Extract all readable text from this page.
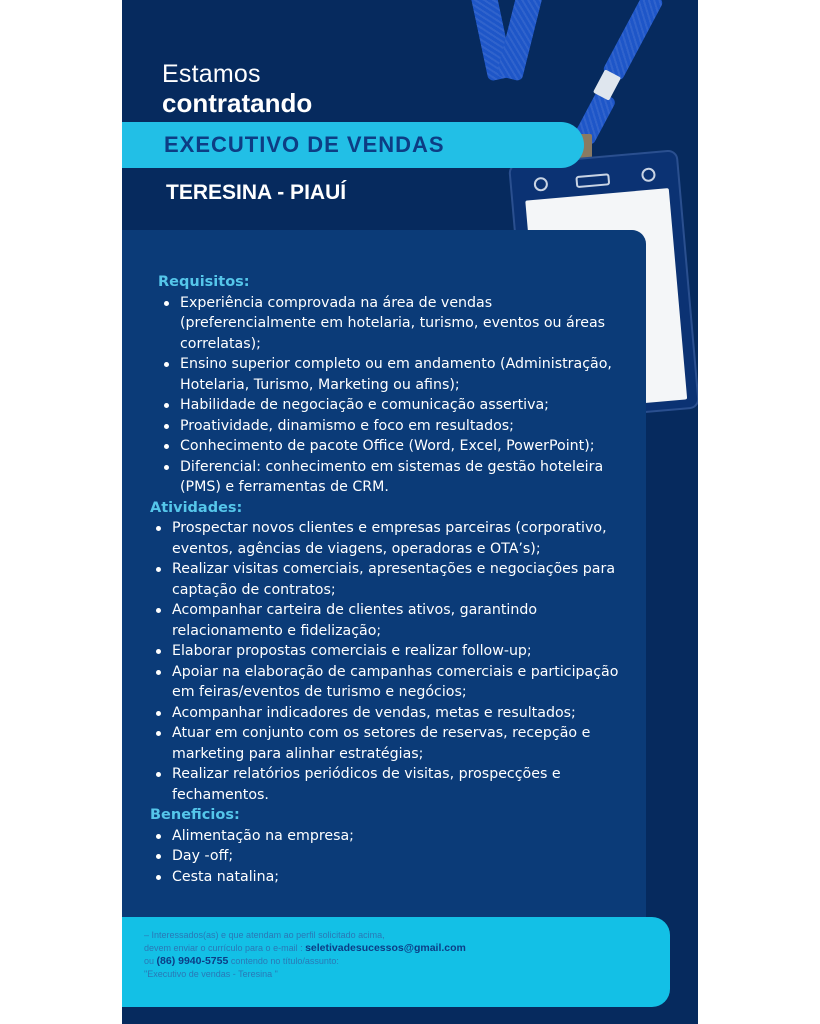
Estamos
contratando
EXECUTIVO DE VENDAS
TERESINA - PIAUÍ
Requisitos:
Experiência comprovada na área de vendas (preferencialmente em hotelaria, turismo, eventos ou áreas correlatas);
Ensino superior completo ou em andamento (Administração, Hotelaria, Turismo, Marketing ou afins);
Habilidade de negociação e comunicação assertiva;
Proatividade, dinamismo e foco em resultados;
Conhecimento de pacote Office (Word, Excel, PowerPoint);
Diferencial: conhecimento em sistemas de gestão hoteleira (PMS) e ferramentas de CRM.
Atividades:
Prospectar novos clientes e empresas parceiras (corporativo, eventos, agências de viagens, operadoras e OTA’s);
Realizar visitas comerciais, apresentações e negociações para captação de contratos;
Acompanhar carteira de clientes ativos, garantindo relacionamento e fidelização;
Elaborar propostas comerciais e realizar follow-up;
Apoiar na elaboração de campanhas comerciais e participação em feiras/eventos de turismo e negócios;
Acompanhar indicadores de vendas, metas e resultados;
Atuar em conjunto com os setores de reservas, recepção e marketing para alinhar estratégias;
Realizar relatórios periódicos de visitas, prospecções e fechamentos.
Beneficios:
Alimentação na empresa;
Day -off;
Cesta natalina;
– Interessados(as) e que atendam ao perfil solicitado acima,
devem enviar o currículo para o e-mail : seletivadesucessos@gmail.com
ou (86) 9940-5755 contendo no título/assunto:
"Executivo de vendas - Teresina "
